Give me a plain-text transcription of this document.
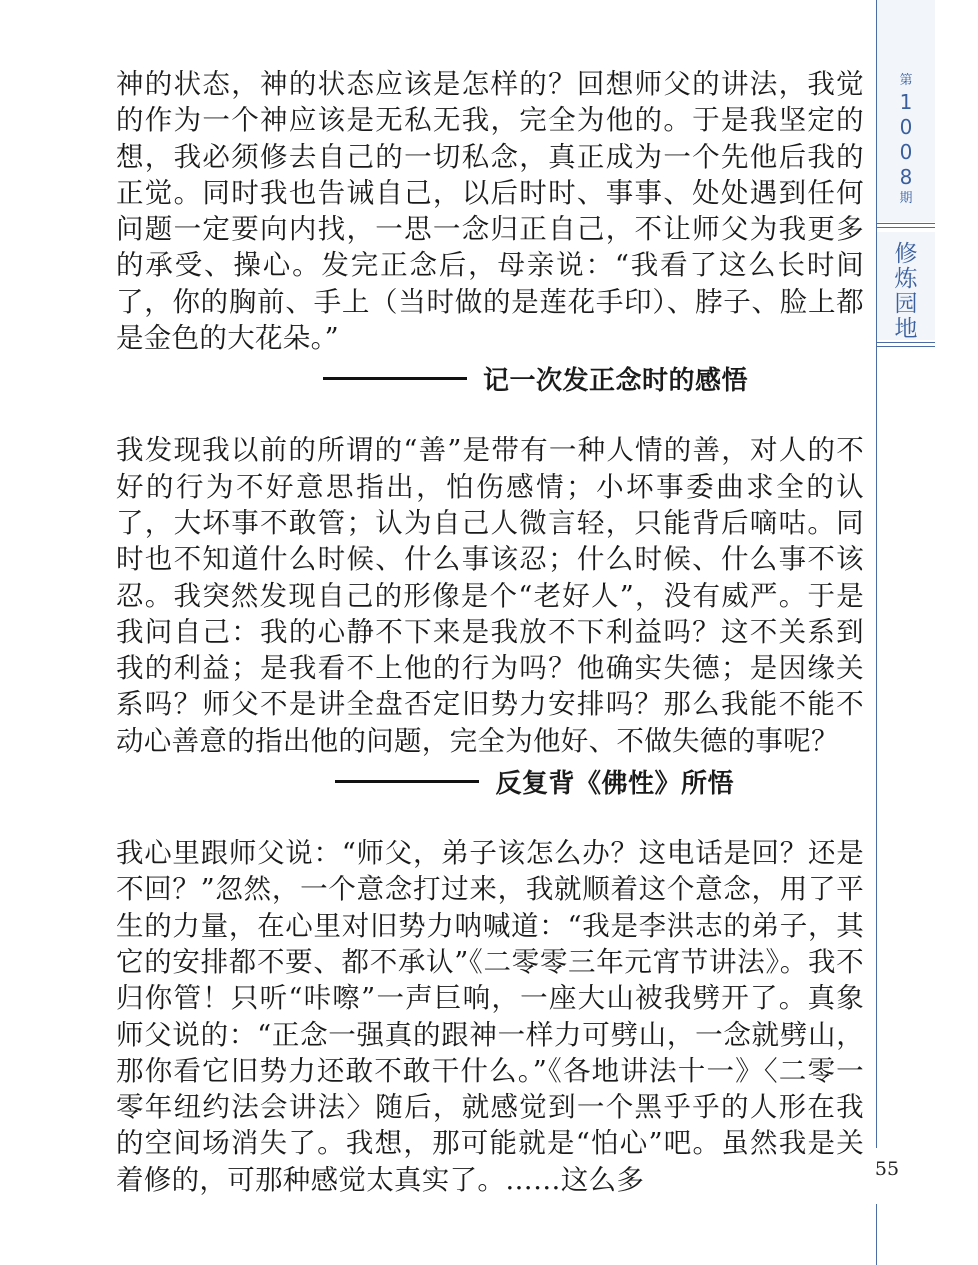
神的状态，神的状态应该是怎样的？回想师父的讲法，我觉的作为一个神应该是无私无我，完全为他的。于是我坚定的想，我必须修去自己的一切私念，真正成为一个先他后我的正觉。同时我也告诫自己，以后时时、事事、处处遇到任何问题一定要向内找，一思一念归正自己，不让师父为我更多的承受、操心。发完正念后，母亲说：“我看了这么长时间了，你的胸前、手上（当时做的是莲花手印）、脖子、脸上都是金色的大花朵。”

记一次发正念时的感悟

我发现我以前的所谓的“善”是带有一种人情的善，对人的不好的行为不好意思指出，怕伤感情；小坏事委曲求全的认了，大坏事不敢管；认为自己人微言轻，只能背后嘀咕。同时也不知道什么时候、什么事该忍；什么时候、什么事不该忍。我突然发现自己的形像是个“老好人”，没有威严。于是我问自己：我的心静不下来是我放不下利益吗？这不关系到我的利益；是我看不上他的行为吗？他确实失德；是因缘关系吗？师父不是讲全盘否定旧势力安排吗？那么我能不能不动心善意的指出他的问题，完全为他好、不做失德的事呢？

反复背《佛性》所悟

我心里跟师父说：“师父，弟子该怎么办？这电话是回？还是不回？”忽然，一个意念打过来，我就顺着这个意念，用了平生的力量，在心里对旧势力呐喊道：“我是李洪志的弟子，其它的安排都不要、都不承认”《二零零三年元宵节讲法》。我不归你管！只听“咔嚓”一声巨响，一座大山被我劈开了。真象师父说的：“正念一强真的跟神一样力可劈山，一念就劈山，那你看它旧势力还敢不敢干什么。”《各地讲法十一》〈二零一零年纽约法会讲法〉随后，就感觉到一个黑乎乎的人形在我的空间场消失了。我想，那可能就是“怕心”吧。虽然我是关着修的，可那种感觉太真实了。……这么多

第
1
0
0
8
期
修
炼
园
地
55
